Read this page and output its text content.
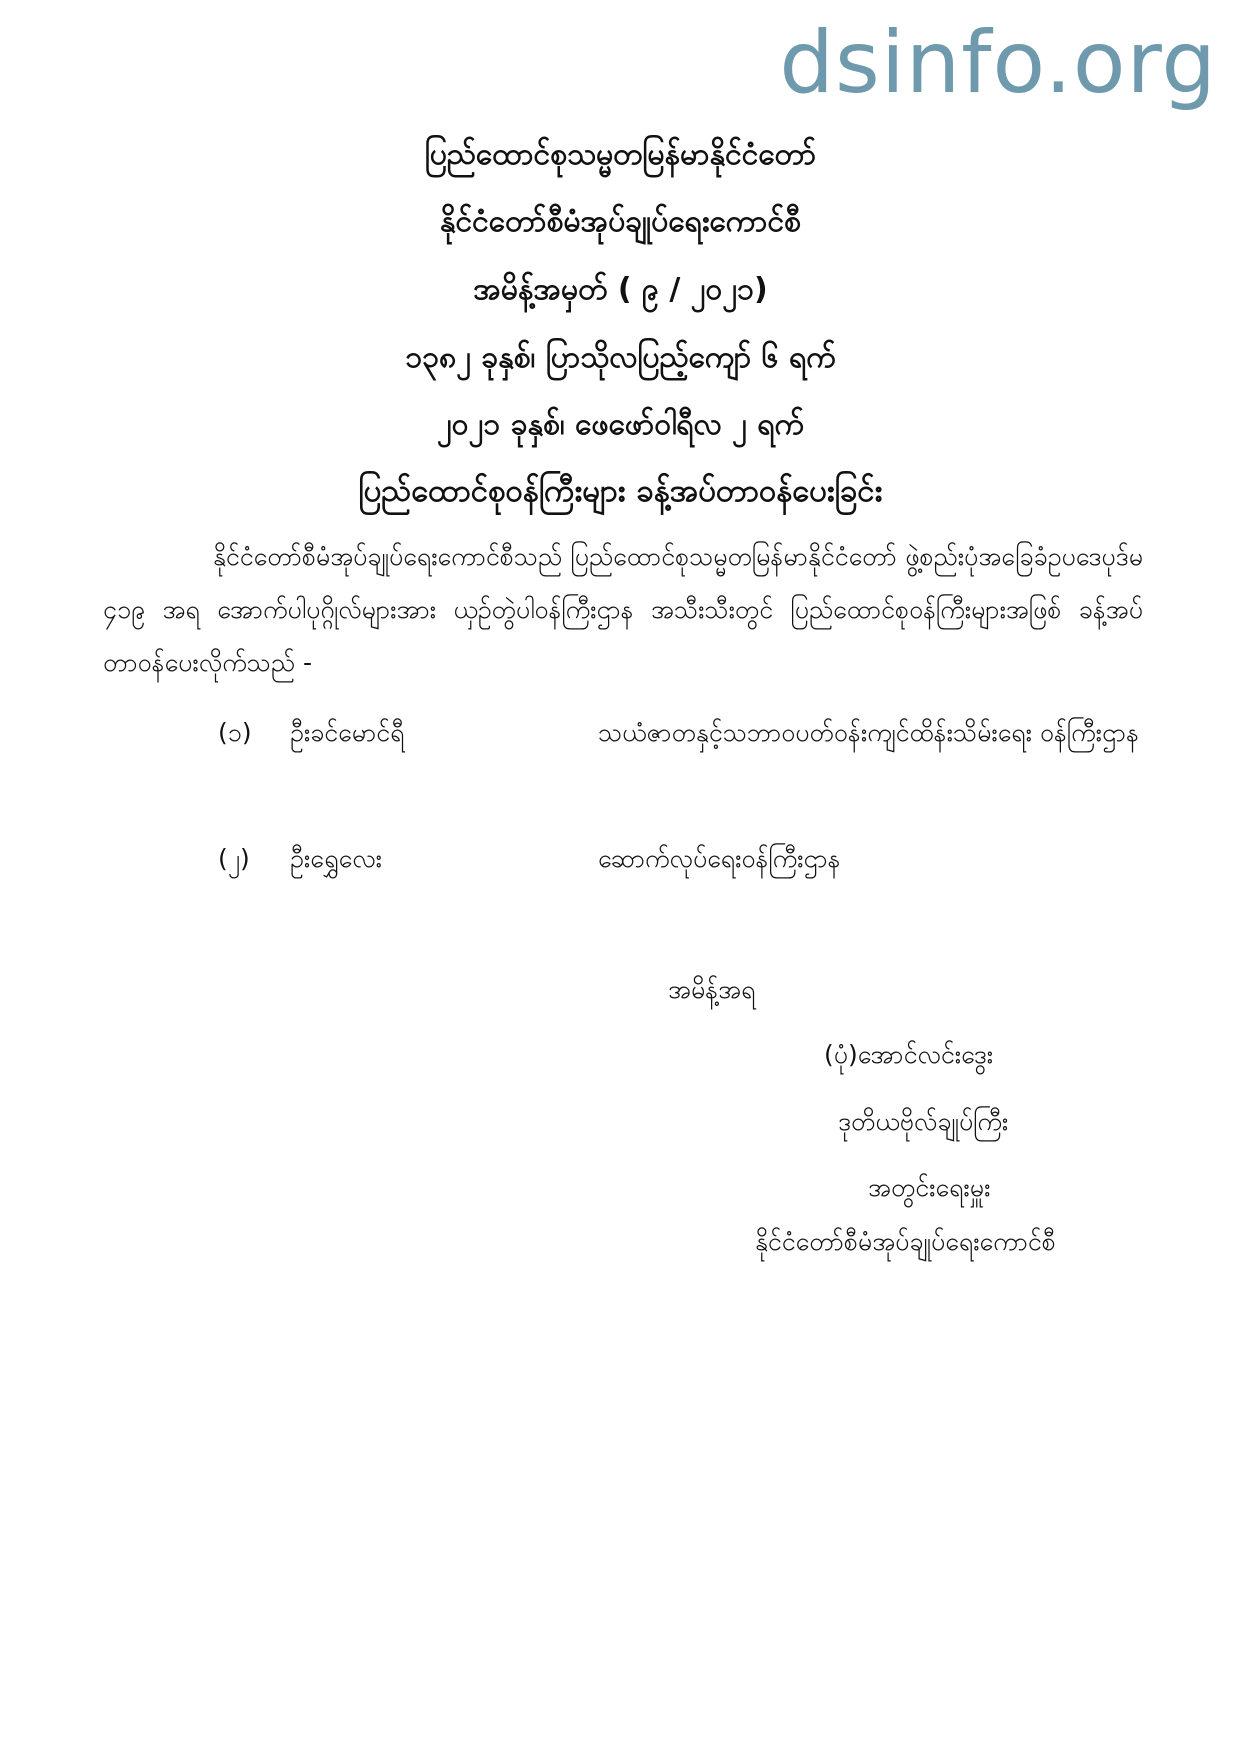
dsinfo.org
ပြည်ထောင်စုသမ္မတမြန်မာနိုင်ငံတော်
နိုင်ငံတော်စီမံအုပ်ချုပ်ရေးကောင်စီ
အမိန့်အမှတ် ( ၉ / ၂၀၂၁)
၁၃၈၂ ခုနှစ်၊ ပြာသိုလပြည့်ကျော် ၆ ရက်
၂၀၂၁ ခုနှစ်၊ ဖေဖော်ဝါရီလ ၂ ရက်
ပြည်ထောင်စုဝန်ကြီးများ ခန့်အပ်တာဝန်ပေးခြင်း
နိုင်ငံတော်စီမံအုပ်ချုပ်ရေးကောင်စီသည် ပြည်ထောင်စုသမ္မတမြန်မာနိုင်ငံတော် ဖွဲ့စည်းပုံအခြေခံဥပဒေပုဒ်မ ၄၁၉ အရ အောက်ပါပုဂ္ဂိုလ်များအား ယှဉ်တွဲပါဝန်ကြီးဌာန အသီးသီးတွင် ပြည်ထောင်စုဝန်ကြီးများအဖြစ် ခန့်အပ်တာဝန်ပေးလိုက်သည် -
(၁) ဦးခင်မောင်ရီ	သယံဇာတနှင့်သဘာဝပတ်ဝန်းကျင်ထိန်းသိမ်းရေး ဝန်ကြီးဌာန
(၂) ဦးရွှေလေး	ဆောက်လုပ်ရေးဝန်ကြီးဌာန
အမိန့်အရ
(ပုံ)အောင်လင်းဒွေး
ဒုတိယဗိုလ်ချုပ်ကြီး
အတွင်းရေးမှူး
နိုင်ငံတော်စီမံအုပ်ချုပ်ရေးကောင်စီ
